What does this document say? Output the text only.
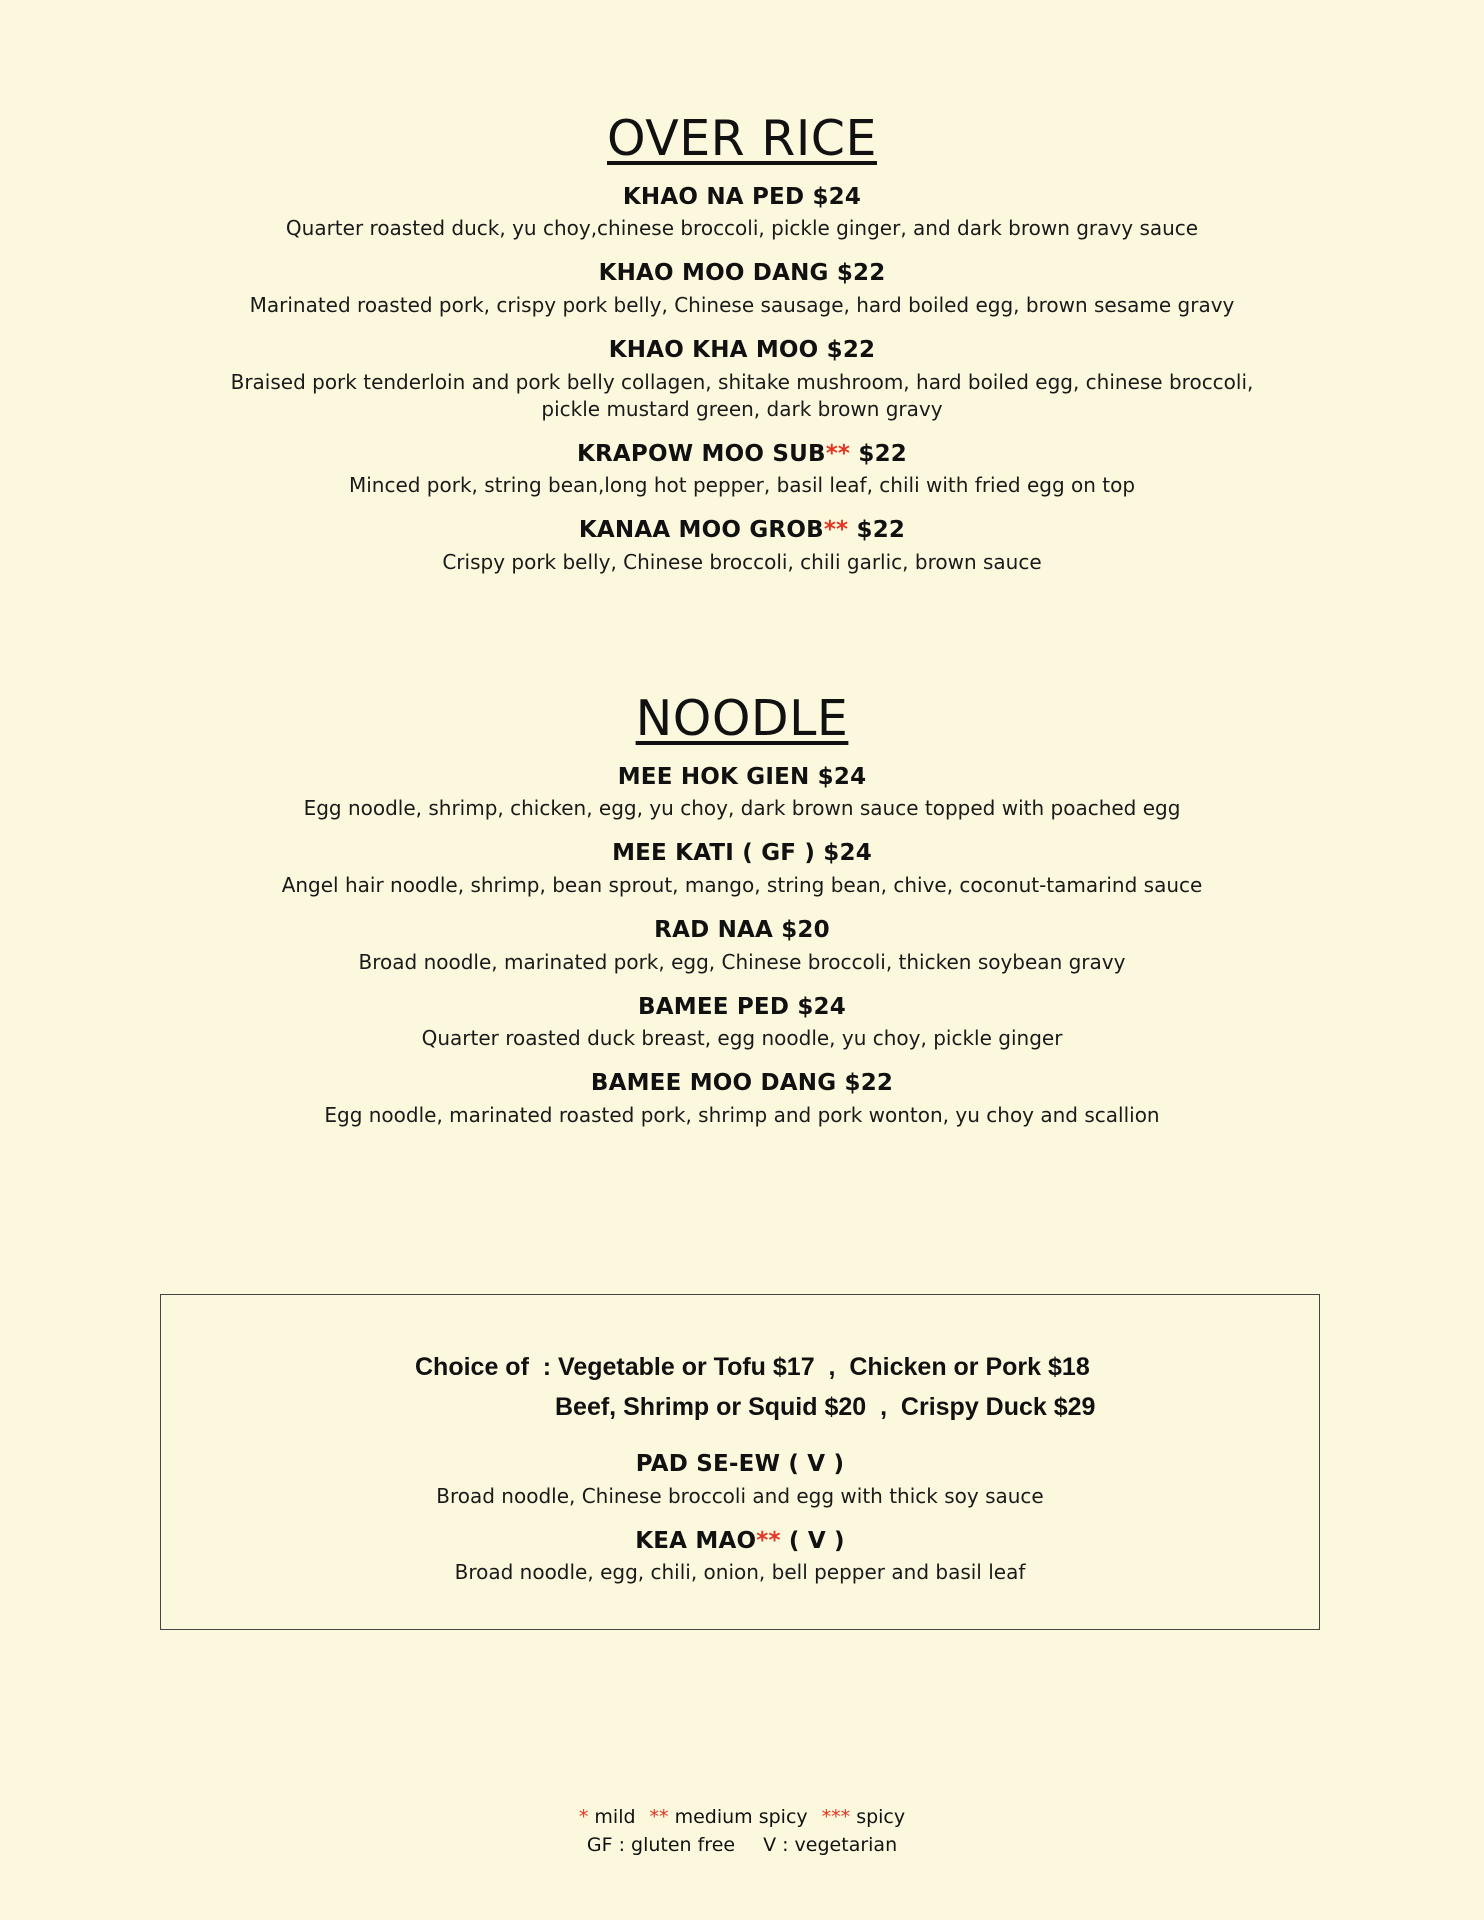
OVER RICE
KHAO NA PED $24
Quarter roasted duck, yu choy,chinese broccoli, pickle ginger, and dark brown gravy sauce
KHAO MOO DANG $22
Marinated roasted pork, crispy pork belly, Chinese sausage, hard boiled egg, brown sesame gravy
KHAO KHA MOO $22
Braised pork tenderloin and pork belly collagen, shitake mushroom, hard boiled egg, chinese broccoli, pickle mustard green, dark brown gravy
KRAPOW MOO SUB** $22
Minced pork, string bean,long hot pepper, basil leaf, chili with fried egg on top
KANAA MOO GROB** $22
Crispy pork belly, Chinese broccoli, chili garlic, brown sauce
NOODLE
MEE HOK GIEN $24
Egg noodle, shrimp, chicken, egg, yu choy, dark brown sauce topped with poached egg
MEE KATI ( GF ) $24
Angel hair noodle, shrimp, bean sprout, mango, string bean, chive, coconut-tamarind sauce
RAD NAA $20
Broad noodle, marinated pork, egg, Chinese broccoli, thicken soybean gravy
BAMEE PED $24
Quarter roasted duck breast, egg noodle, yu choy, pickle ginger
BAMEE MOO DANG $22
Egg noodle, marinated roasted pork, shrimp and pork wonton, yu choy and scallion
Choice of  : Vegetable or Tofu $17  ,  Chicken or Pork $18
Beef, Shrimp or Squid $20  ,  Crispy Duck $29
PAD SE-EW ( V )
Broad noodle, Chinese broccoli and egg with thick soy sauce
KEA MAO** ( V )
Broad noodle, egg, chili, onion, bell pepper and basil leaf
* mild ** medium spicy *** spicy
GF : gluten free V : vegetarian
